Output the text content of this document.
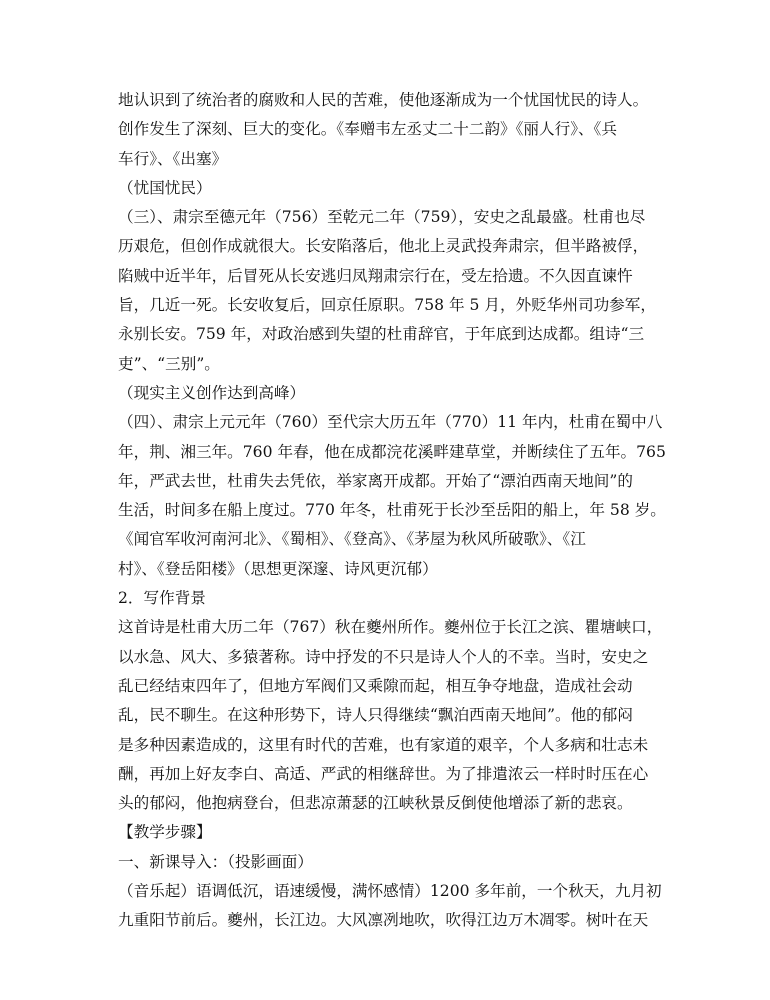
地认识到了统治者的腐败和人民的苦难，使他逐渐成为一个忧国忧民的诗人。
创作发生了深刻、巨大的变化。《奉赠韦左丞丈二十二韵》《丽人行》、《兵
车行》、《出塞》
（忧国忧民）
（三）、肃宗至德元年（756）至乾元二年（759），安史之乱最盛。杜甫也尽
历艰危，但创作成就很大。长安陷落后，他北上灵武投奔肃宗，但半路被俘，
陷贼中近半年，后冒死从长安逃归凤翔肃宗行在，受左拾遗。不久因直谏忤
旨，几近一死。长安收复后，回京任原职。758 年 5 月，外贬华州司功参军，
永别长安。759 年，对政治感到失望的杜甫辞官，于年底到达成都。组诗“三
吏”、“三别”。
（现实主义创作达到高峰）
（四）、肃宗上元元年（760）至代宗大历五年（770）11 年内，杜甫在蜀中八
年，荆、湘三年。760 年春，他在成都浣花溪畔建草堂，并断续住了五年。765
年，严武去世，杜甫失去凭依，举家离开成都。开始了“漂泊西南天地间”的
生活，时间多在船上度过。770 年冬，杜甫死于长沙至岳阳的船上，年 58 岁。
《闻官军收河南河北》、《蜀相》、《登高》、《茅屋为秋风所破歌》、《江
村》、《登岳阳楼》（思想更深邃、诗风更沉郁）
2．写作背景
这首诗是杜甫大历二年（767）秋在夔州所作。夔州位于长江之滨、瞿塘峡口，
以水急、风大、多猿著称。诗中抒发的不只是诗人个人的不幸。当时，安史之
乱已经结束四年了，但地方军阀们又乘隙而起，相互争夺地盘，造成社会动
乱，民不聊生。在这种形势下，诗人只得继续“飘泊西南天地间”。他的郁闷
是多种因素造成的，这里有时代的苦难，也有家道的艰辛，个人多病和壮志未
酬，再加上好友李白、高适、严武的相继辞世。为了排遣浓云一样时时压在心
头的郁闷，他抱病登台，但悲凉萧瑟的江峡秋景反倒使他增添了新的悲哀。
【教学步骤】
一、新课导入：（投影画面）
（音乐起）语调低沉，语速缓慢，满怀感情）1200 多年前，一个秋天，九月初
九重阳节前后。夔州，长江边。大风凛冽地吹，吹得江边万木凋零。树叶在天
